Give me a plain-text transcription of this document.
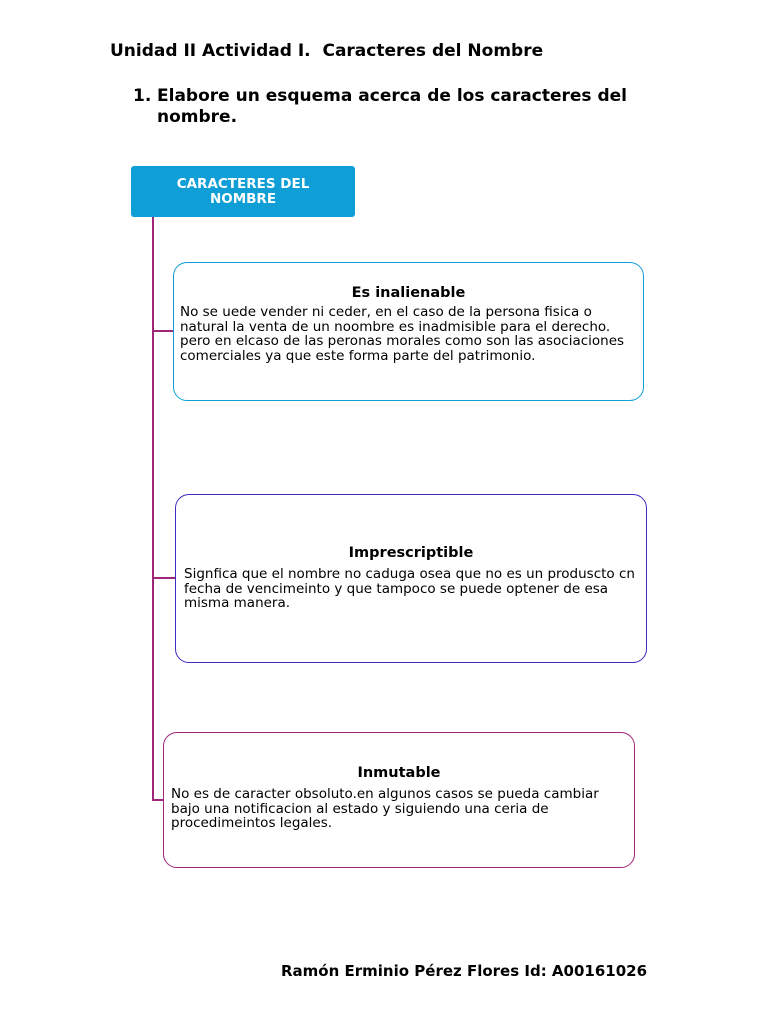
Unidad II Actividad I.  Caracteres del Nombre
1. Elabore un esquema acerca de los caracteres del nombre.
CARACTERES DEL NOMBRE
Es inalienable
No se uede vender ni ceder, en el caso de la persona fisica o natural la venta de un noombre es inadmisible para el derecho. pero en elcaso de las peronas morales como son las asociaciones comerciales ya que este forma parte del patrimonio.
Imprescriptible
Signfica que el nombre no caduga osea que no es un produscto cn fecha de vencimeinto y que tampoco se puede optener de esa misma manera.
Inmutable
No es de caracter obsoluto.en algunos casos se pueda cambiar bajo una notificacion al estado y siguiendo una ceria de procedimeintos legales.
Ramón Erminio Pérez Flores Id: A00161026
